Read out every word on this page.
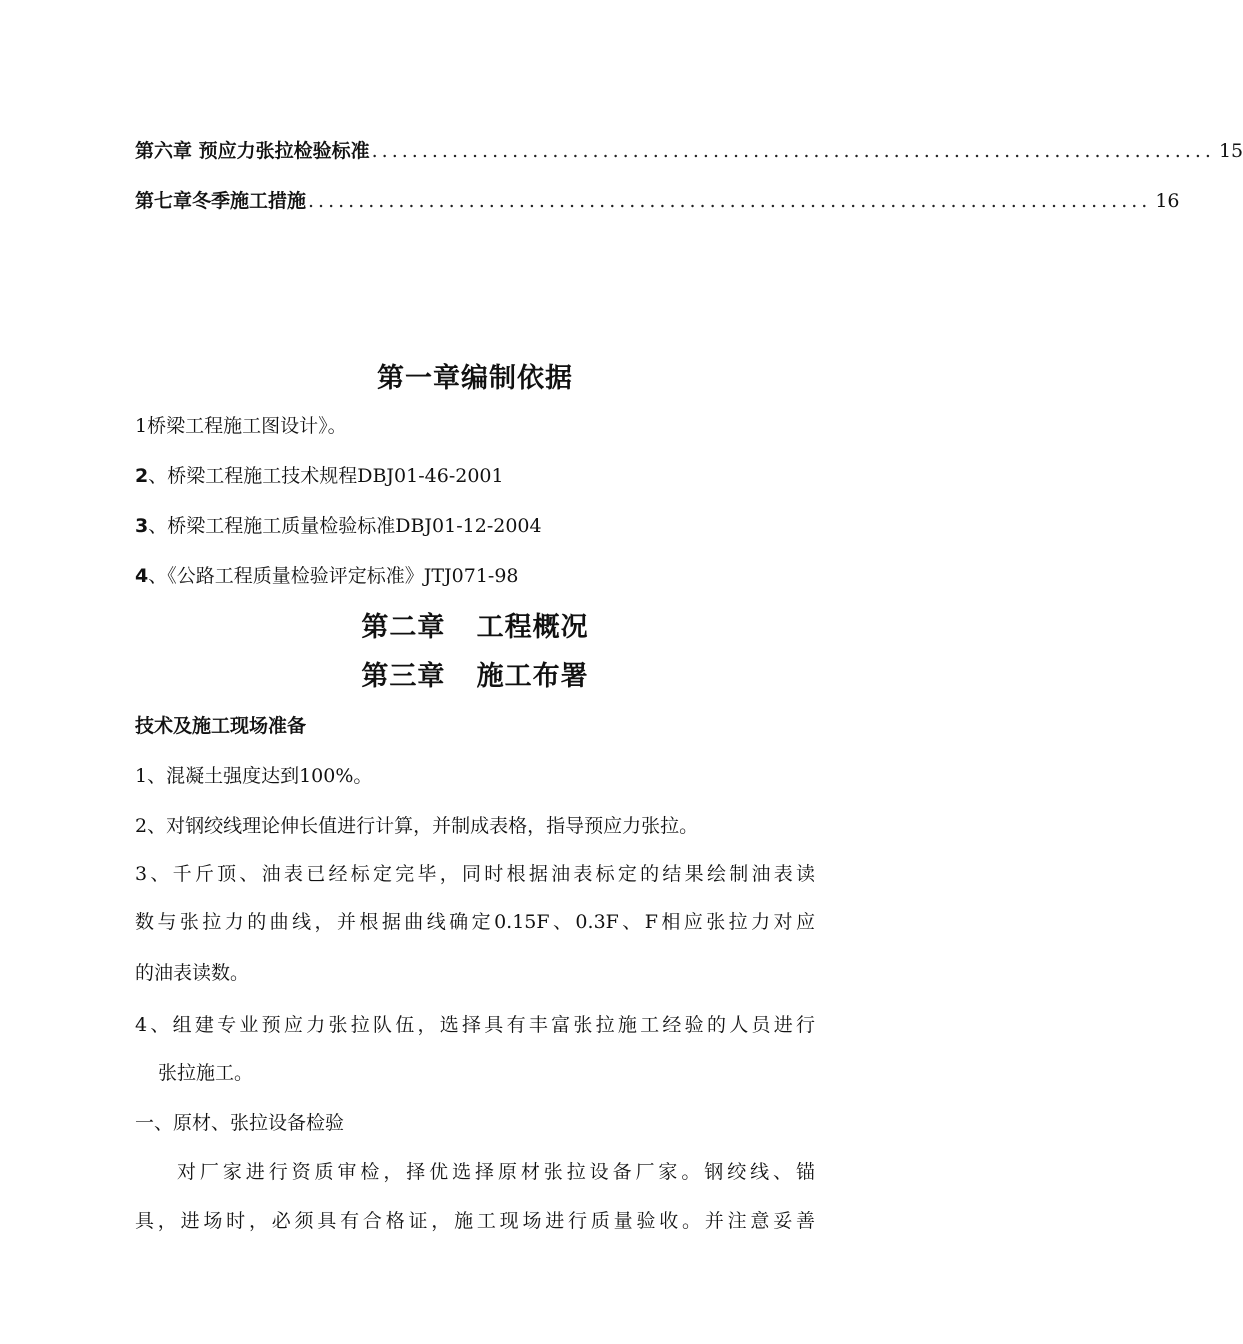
第六章 预应力张拉检验标准 .................................................................................... 15
第七章冬季施工措施 .................................................................................... 16
第一章编制依据
1桥梁工程施工图设计》。
2、桥梁工程施工技术规程DBJ01-46-2001
3、桥梁工程施工质量检验标准DBJ01-12-2004
4、《公路工程质量检验评定标准》JTJ071-98
第二章   工程概况
第三章   施工布署
技术及施工现场准备
1、混凝土强度达到100%。
2、对钢绞线理论伸长值进行计算，并制成表格，指导预应力张拉。
3、千斤顶、油表已经标定完毕，同时根据油表标定的结果绘制油表读
数与张拉力的曲线，并根据曲线确定0.15F、0.3F、F相应张拉力对应
的油表读数。
4、组建专业预应力张拉队伍，选择具有丰富张拉施工经验的人员进行
张拉施工。
一、原材、张拉设备检验
对厂家进行资质审检，择优选择原材张拉设备厂家。钢绞线、锚
具，进场时，必须具有合格证，施工现场进行质量验收。并注意妥善
